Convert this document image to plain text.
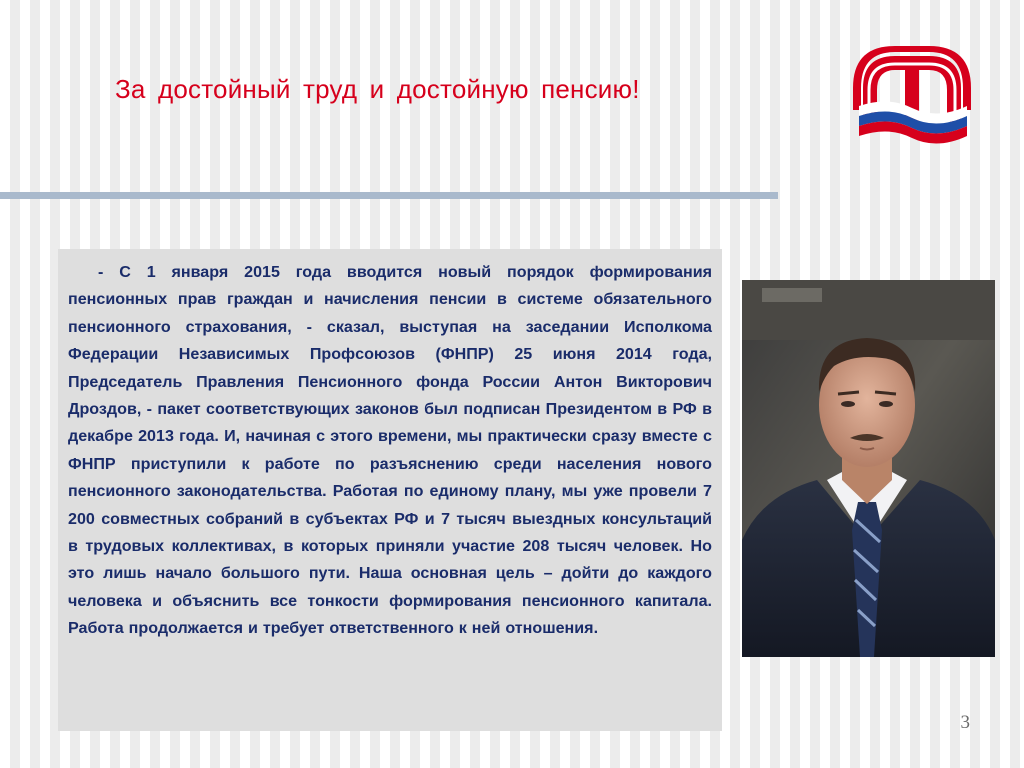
За достойный труд и достойную пенсию!

- С 1 января 2015 года вводится новый порядок формирования пенсионных прав граждан и начисления пенсии в системе обязательного пенсионного страхования, - сказал, выступая на заседании Исполкома Федерации Независимых Профсоюзов (ФНПР) 25 июня 2014 года, Председатель Правления Пенсионного фонда России Антон Викторович Дроздов, - пакет соответствующих законов был подписан Президентом в РФ в декабре 2013 года. И, начиная с этого времени, мы практически сразу вместе с ФНПР приступили к работе по разъяснению среди населения нового пенсионного законодательства. Работая по единому плану, мы уже провели 7 200 совместных собраний в субъектах РФ и 7 тысяч выездных консультаций в трудовых коллективах, в которых приняли участие 208 тысяч человек. Но это лишь начало большого пути. Наша основная цель – дойти до каждого человека и объяснить все тонкости формирования пенсионного капитала. Работа продолжается и требует ответственного к ней отношения.

3
